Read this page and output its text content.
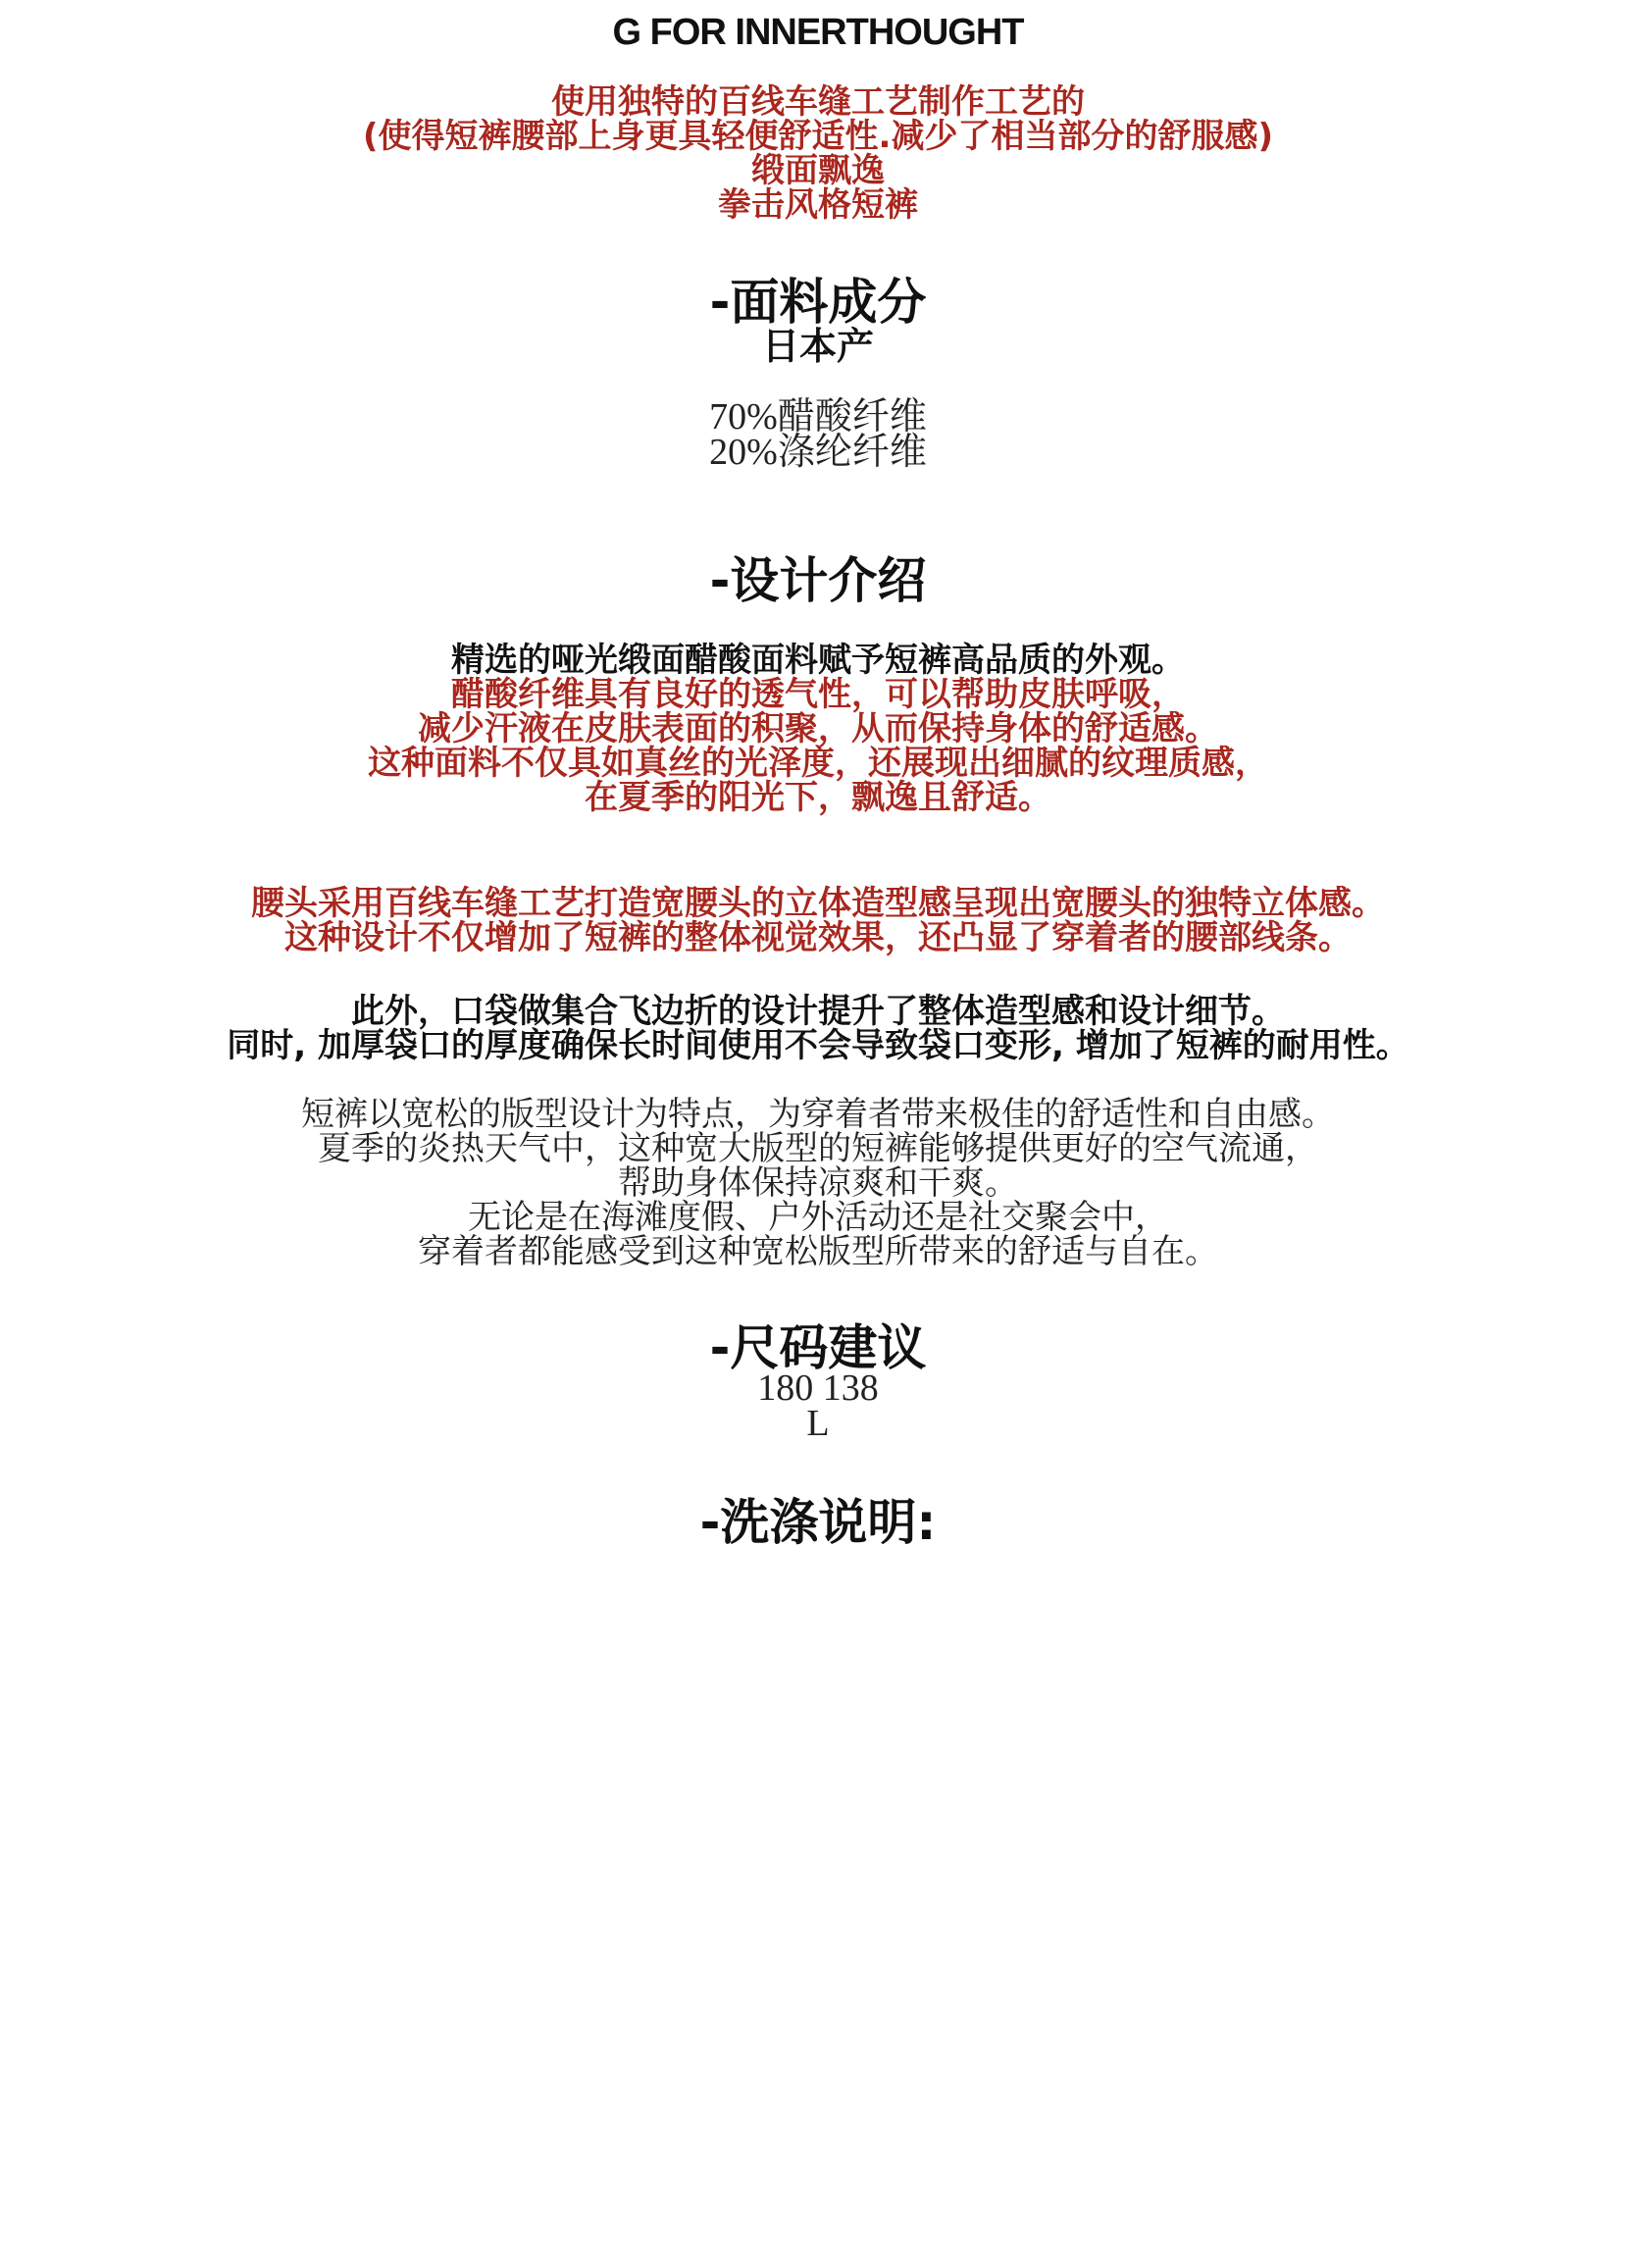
G FOR INNERTHOUGHT
使用独特的百线车缝工艺制作工艺的
(使得短裤腰部上身更具轻便舒适性.减少了相当部分的舒服感)
缎面飘逸
拳击风格短裤
-面料成分
日本产
70%醋酸纤维
20%涤纶纤维
-设计介绍
精选的哑光缎面醋酸面料赋予短裤高品质的外观。
醋酸纤维具有良好的透气性，可以帮助皮肤呼吸，
减少汗液在皮肤表面的积聚，从而保持身体的舒适感。
这种面料不仅具如真丝的光泽度，还展现出细腻的纹理质感，
在夏季的阳光下，飘逸且舒适。
腰头采用百线车缝工艺打造宽腰头的立体造型感呈现出宽腰头的独特立体感。
这种设计不仅增加了短裤的整体视觉效果，还凸显了穿着者的腰部线条。
此外，口袋做集合飞边折的设计提升了整体造型感和设计细节。
同时, 加厚袋口的厚度确保长时间使用不会导致袋口变形, 增加了短裤的耐用性。
短裤以宽松的版型设计为特点，为穿着者带来极佳的舒适性和自由感。
夏季的炎热天气中，这种宽大版型的短裤能够提供更好的空气流通，
帮助身体保持凉爽和干爽。
无论是在海滩度假、户外活动还是社交聚会中，
穿着者都能感受到这种宽松版型所带来的舒适与自在。
-尺码建议
180 138
L
-洗涤说明:
